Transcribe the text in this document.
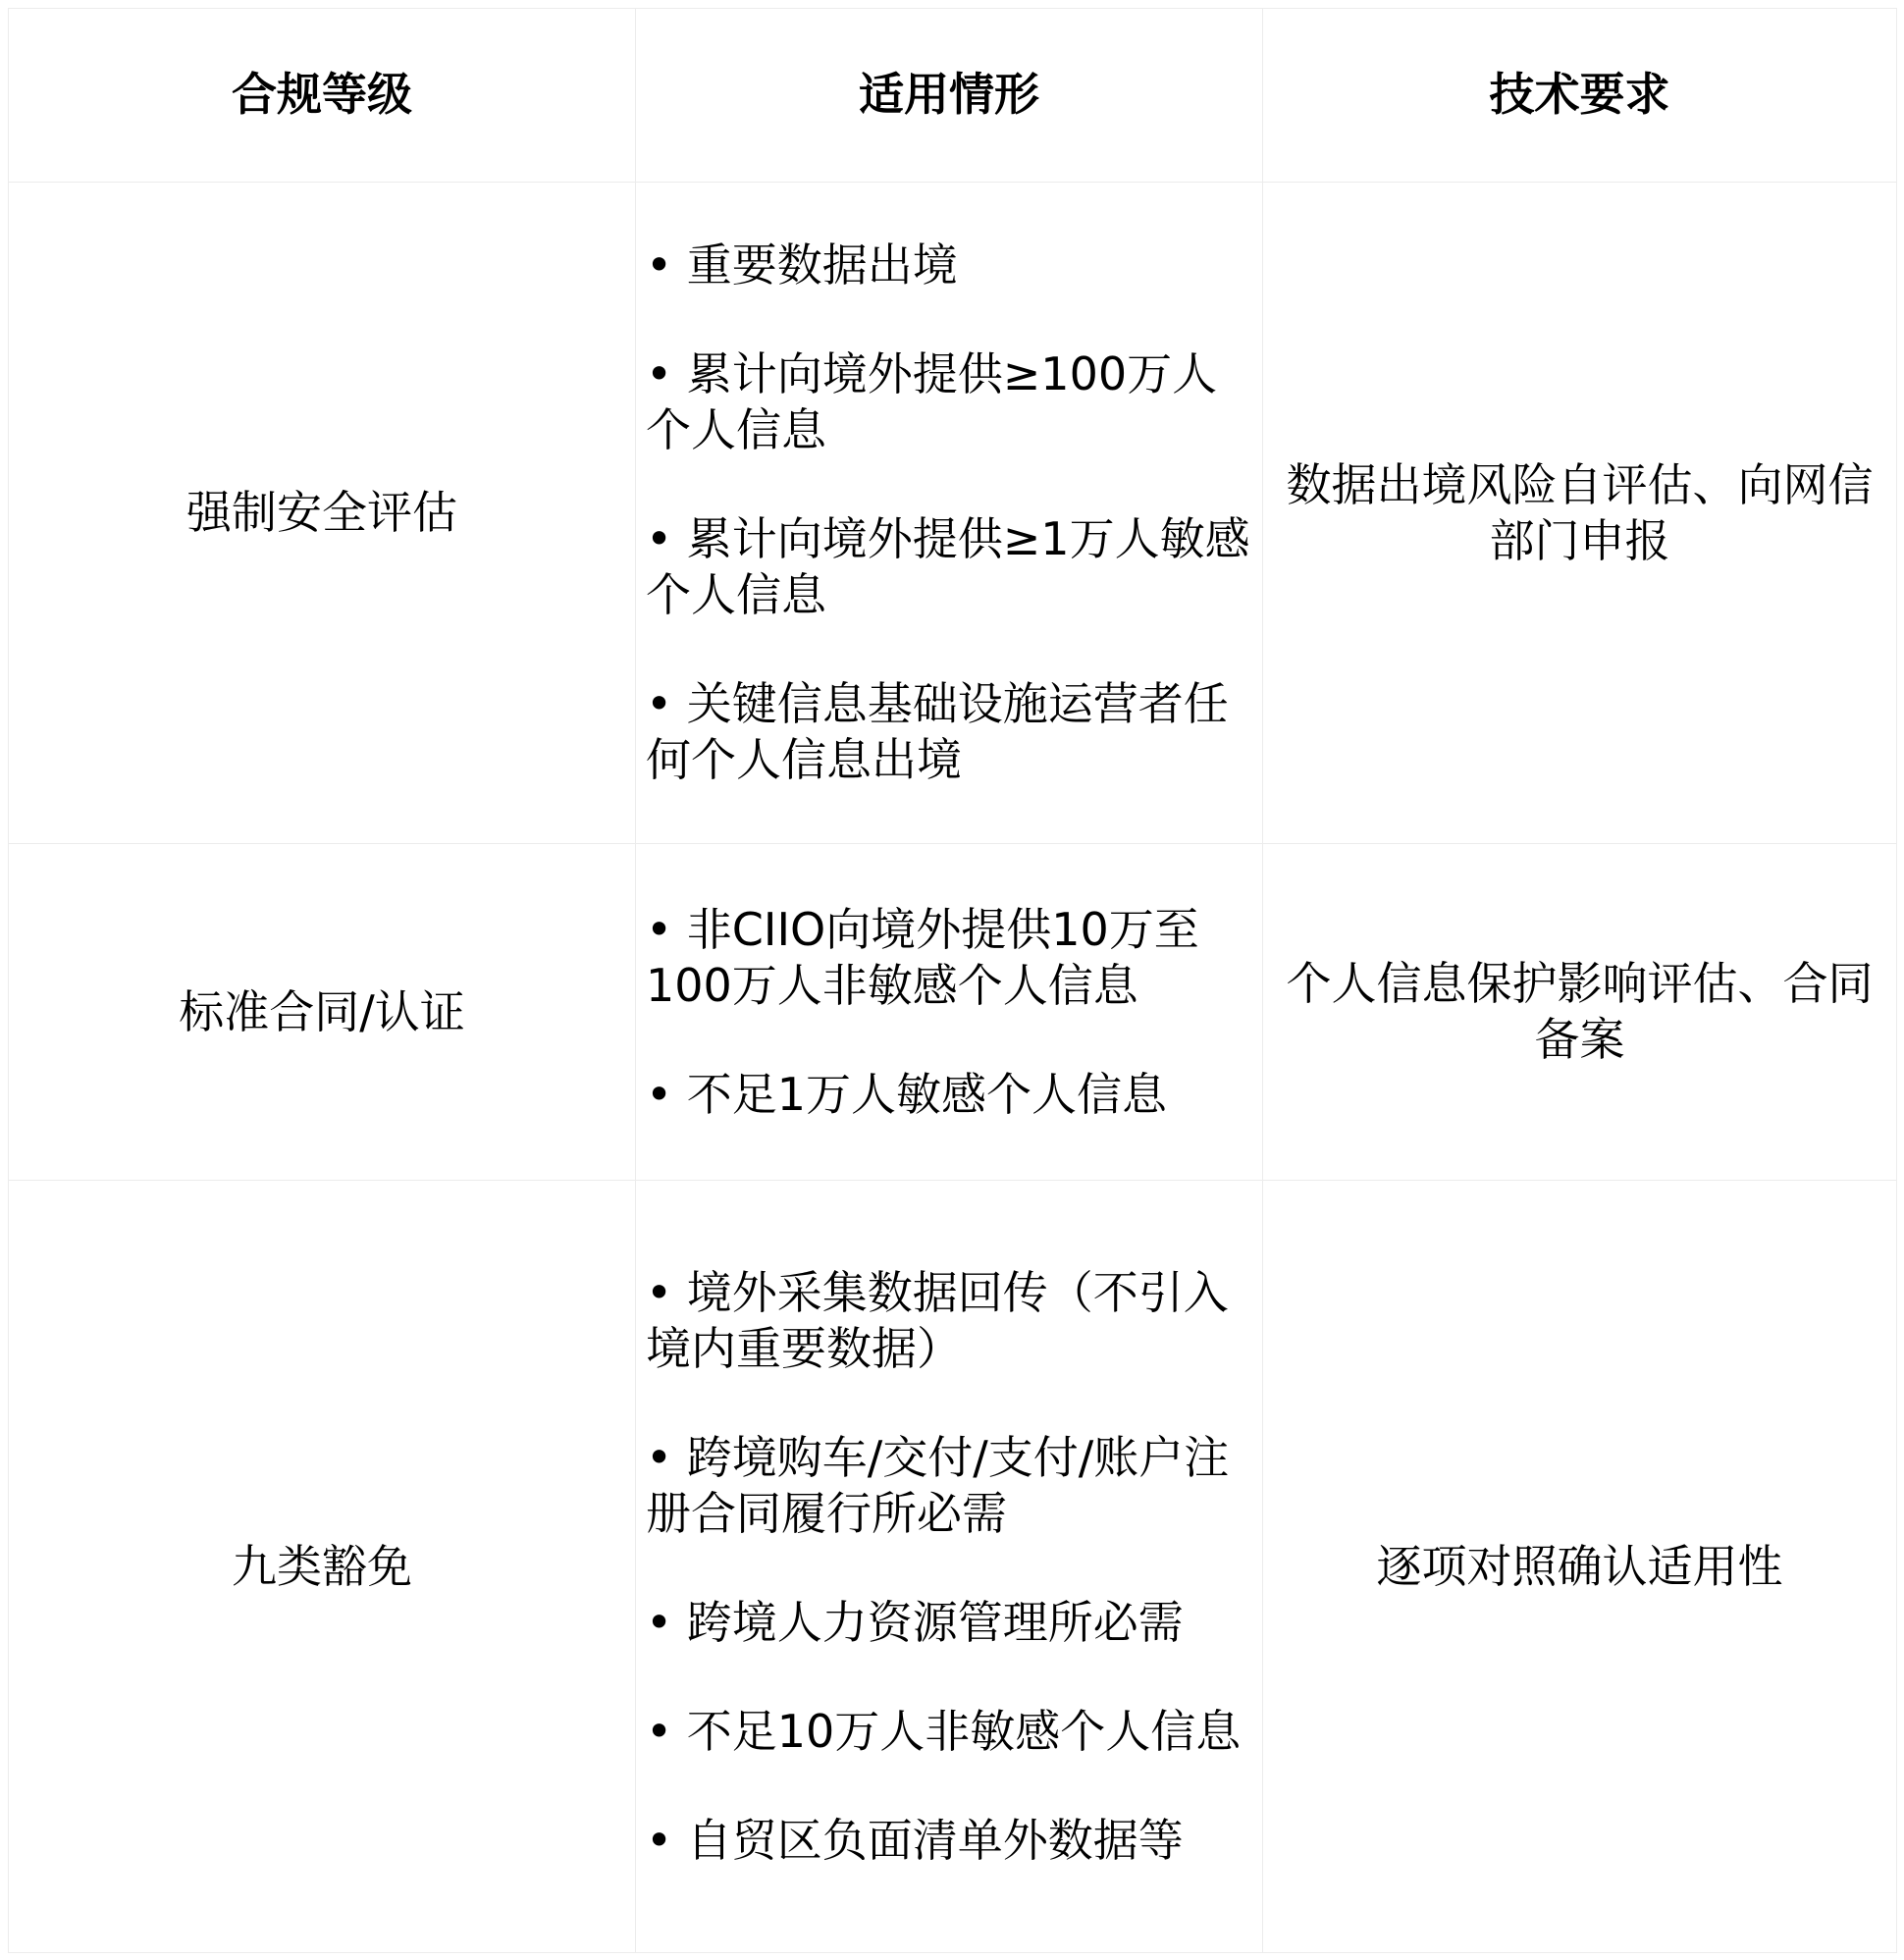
合规等级	适用情形	技术要求
强制安全评估	• 重要数据出境

• 累计向境外提供≥100万人个人信息

• 累计向境外提供≥1万人敏感个人信息

• 关键信息基础设施运营者任何个人信息出境	数据出境风险自评估、向网信部门申报
标准合同/认证	• 非CIIO向境外提供10万至100万人非敏感个人信息

• 不足1万人敏感个人信息	个人信息保护影响评估、合同备案
九类豁免	• 境外采集数据回传（不引入境内重要数据）

• 跨境购车/交付/支付/账户注册合同履行所必需

• 跨境人力资源管理所必需

• 不足10万人非敏感个人信息

• 自贸区负面清单外数据等	逐项对照确认适用性
